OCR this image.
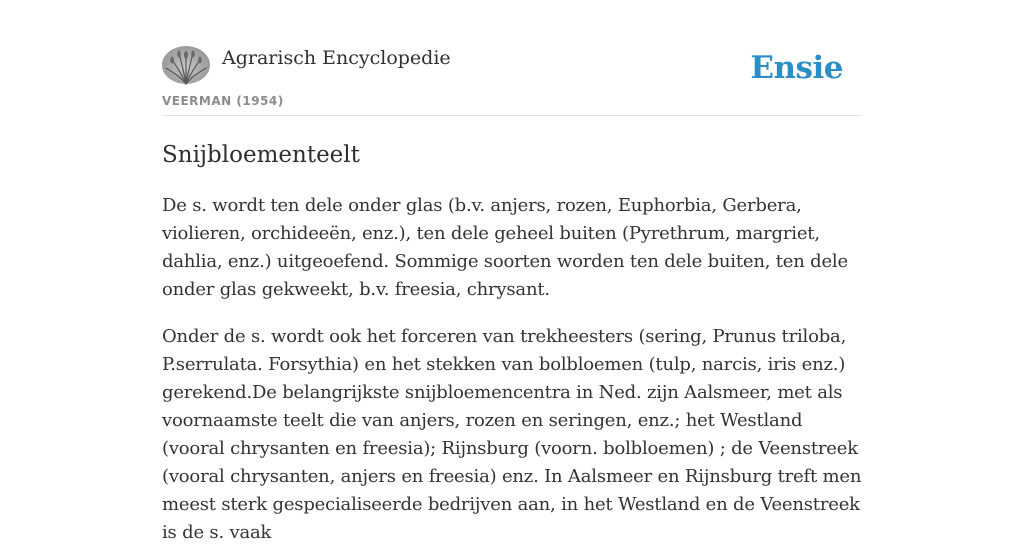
Agrarisch Encyclopedie
VEERMAN (1954)
Ensie
Snijbloementeelt

De s. wordt ten dele onder glas (b.v. anjers, rozen, Euphorbia, Gerbera, violieren, orchideeën, enz.), ten dele geheel buiten (Pyrethrum, margriet, dahlia, enz.) uitgeoefend. Sommige soorten worden ten dele buiten, ten dele onder glas gekweekt, b.v. freesia, chrysant.

Onder de s. wordt ook het forceren van trekheesters (sering, Prunus triloba, P.serrulata. Forsythia) en het stekken van bolbloemen (tulp, narcis, iris enz.) gerekend.De belangrijkste snijbloemencentra in Ned. zijn Aalsmeer, met als voornaamste teelt die van anjers, rozen en seringen, enz.; het Westland (vooral chrysanten en freesia); Rijnsburg (voorn. bolbloemen) ; de Veenstreek (vooral chrysanten, anjers en freesia) enz. In Aalsmeer en Rijnsburg treft men meest sterk gespecialiseerde bedrijven aan, in het Westland en de Veenstreek is de s. vaak
